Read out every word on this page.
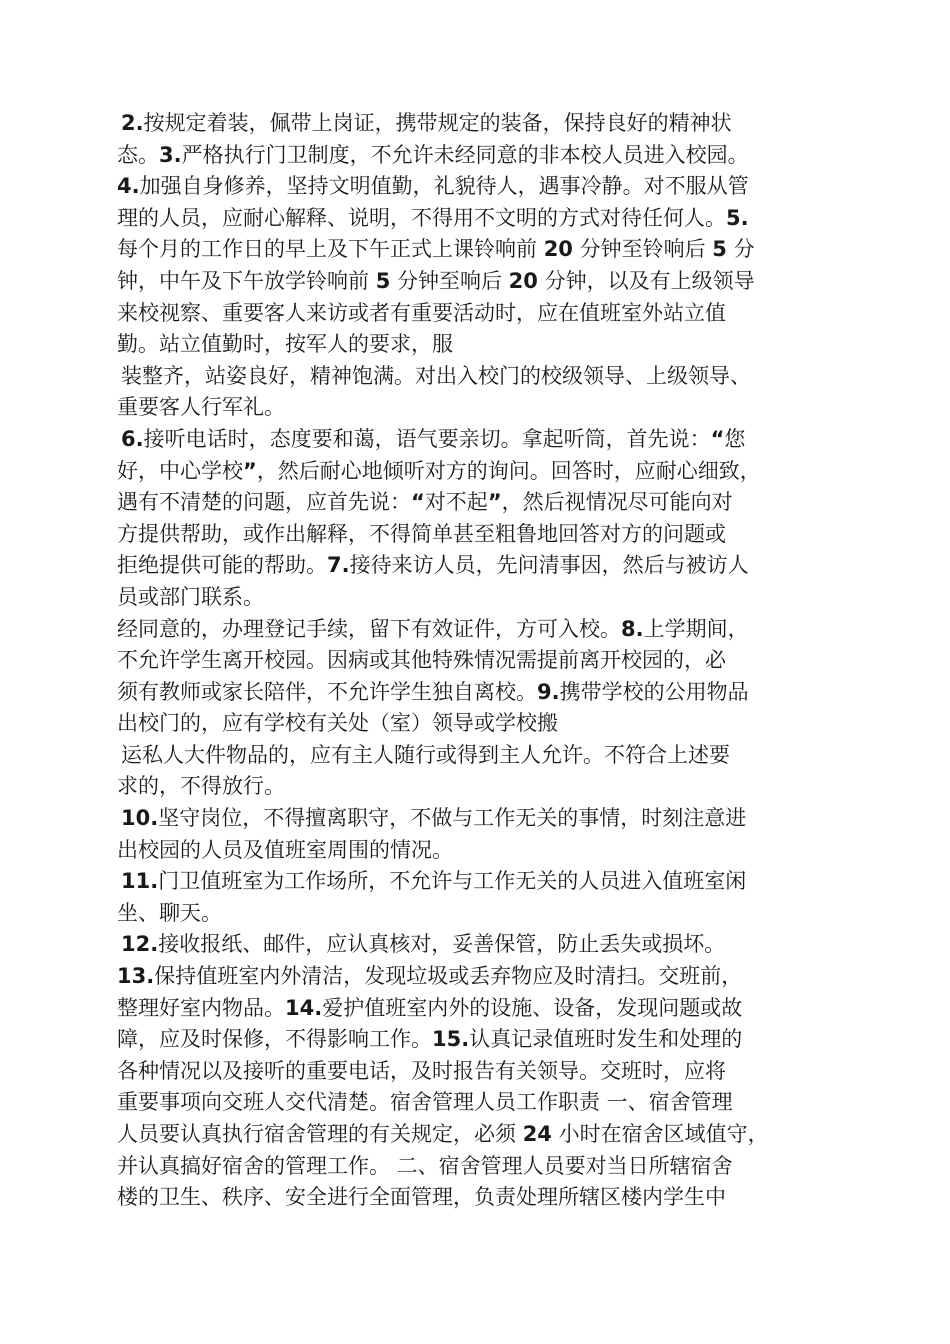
2.按规定着装，佩带上岗证，携带规定的装备，保持良好的精神状
态。3.严格执行门卫制度，不允许未经同意的非本校人员进入校园。
4.加强自身修养，坚持文明值勤，礼貌待人，遇事冷静。对不服从管
理的人员，应耐心解释、说明，不得用不文明的方式对待任何人。5.
每个月的工作日的早上及下午正式上课铃响前 20 分钟至铃响后 5 分
钟，中午及下午放学铃响前 5 分钟至响后 20 分钟，以及有上级领导
来校视察、重要客人来访或者有重要活动时，应在值班室外站立值
勤。站立值勤时，按军人的要求，服
装整齐，站姿良好，精神饱满。对出入校门的校级领导、上级领导、
重要客人行军礼。
6.接听电话时，态度要和蔼，语气要亲切。拿起听筒，首先说：“您
好，中心学校”，然后耐心地倾听对方的询问。回答时，应耐心细致，
遇有不清楚的问题，应首先说：“对不起”，然后视情况尽可能向对
方提供帮助，或作出解释，不得简单甚至粗鲁地回答对方的问题或
拒绝提供可能的帮助。7.接待来访人员，先问清事因，然后与被访人
员或部门联系。
经同意的，办理登记手续，留下有效证件，方可入校。8.上学期间，
不允许学生离开校园。因病或其他特殊情况需提前离开校园的，必
须有教师或家长陪伴，不允许学生独自离校。9.携带学校的公用物品
出校门的，应有学校有关处（室）领导或学校搬
运私人大件物品的，应有主人随行或得到主人允许。不符合上述要
求的，不得放行。
10.坚守岗位，不得擅离职守，不做与工作无关的事情，时刻注意进
出校园的人员及值班室周围的情况。
11.门卫值班室为工作场所，不允许与工作无关的人员进入值班室闲
坐、聊天。
12.接收报纸、邮件，应认真核对，妥善保管，防止丢失或损坏。
13.保持值班室内外清洁，发现垃圾或丢弃物应及时清扫。交班前，
整理好室内物品。14.爱护值班室内外的设施、设备，发现问题或故
障，应及时保修，不得影响工作。15.认真记录值班时发生和处理的
各种情况以及接听的重要电话，及时报告有关领导。交班时，应将
重要事项向交班人交代清楚。宿舍管理人员工作职责 一、宿舍管理
人员要认真执行宿舍管理的有关规定，必须 24 小时在宿舍区域值守，
并认真搞好宿舍的管理工作。 二、宿舍管理人员要对当日所辖宿舍
楼的卫生、秩序、安全进行全面管理，负责处理所辖区楼内学生中
